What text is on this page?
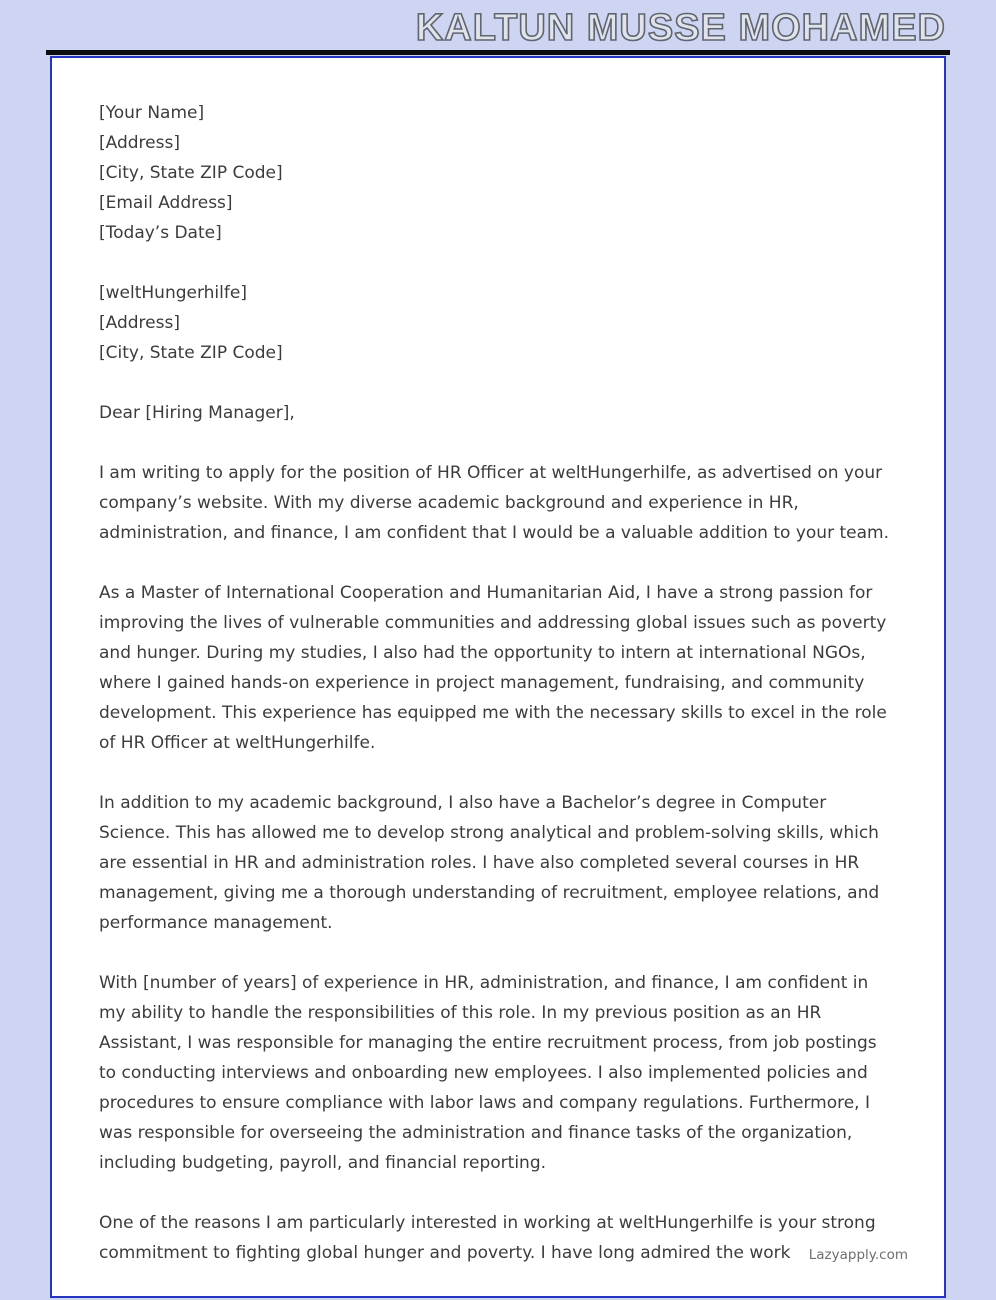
KALTUN MUSSE MOHAMED
[Your Name]
[Address]
[City, State ZIP Code]
[Email Address]
[Today’s Date]
[weltHungerhilfe]
[Address]
[City, State ZIP Code]
Dear [Hiring Manager],

I am writing to apply for the position of HR Officer at weltHungerhilfe, as advertised on your company’s website. With my diverse academic background and experience in HR, administration, and finance, I am confident that I would be a valuable addition to your team.

As a Master of International Cooperation and Humanitarian Aid, I have a strong passion for improving the lives of vulnerable communities and addressing global issues such as poverty and hunger. During my studies, I also had the opportunity to intern at international NGOs, where I gained hands-on experience in project management, fundraising, and community development. This experience has equipped me with the necessary skills to excel in the role of HR Officer at weltHungerhilfe.

In addition to my academic background, I also have a Bachelor’s degree in Computer Science. This has allowed me to develop strong analytical and problem-solving skills, which are essential in HR and administration roles. I have also completed several courses in HR management, giving me a thorough understanding of recruitment, employee relations, and performance management.

With [number of years] of experience in HR, administration, and finance, I am confident in my ability to handle the responsibilities of this role. In my previous position as an HR Assistant, I was responsible for managing the entire recruitment process, from job postings to conducting interviews and onboarding new employees. I also implemented policies and procedures to ensure compliance with labor laws and company regulations. Furthermore, I was responsible for overseeing the administration and finance tasks of the organization, including budgeting, payroll, and financial reporting.

One of the reasons I am particularly interested in working at weltHungerhilfe is your strong commitment to fighting global hunger and poverty. I have long admired the work	Lazyapply.com
